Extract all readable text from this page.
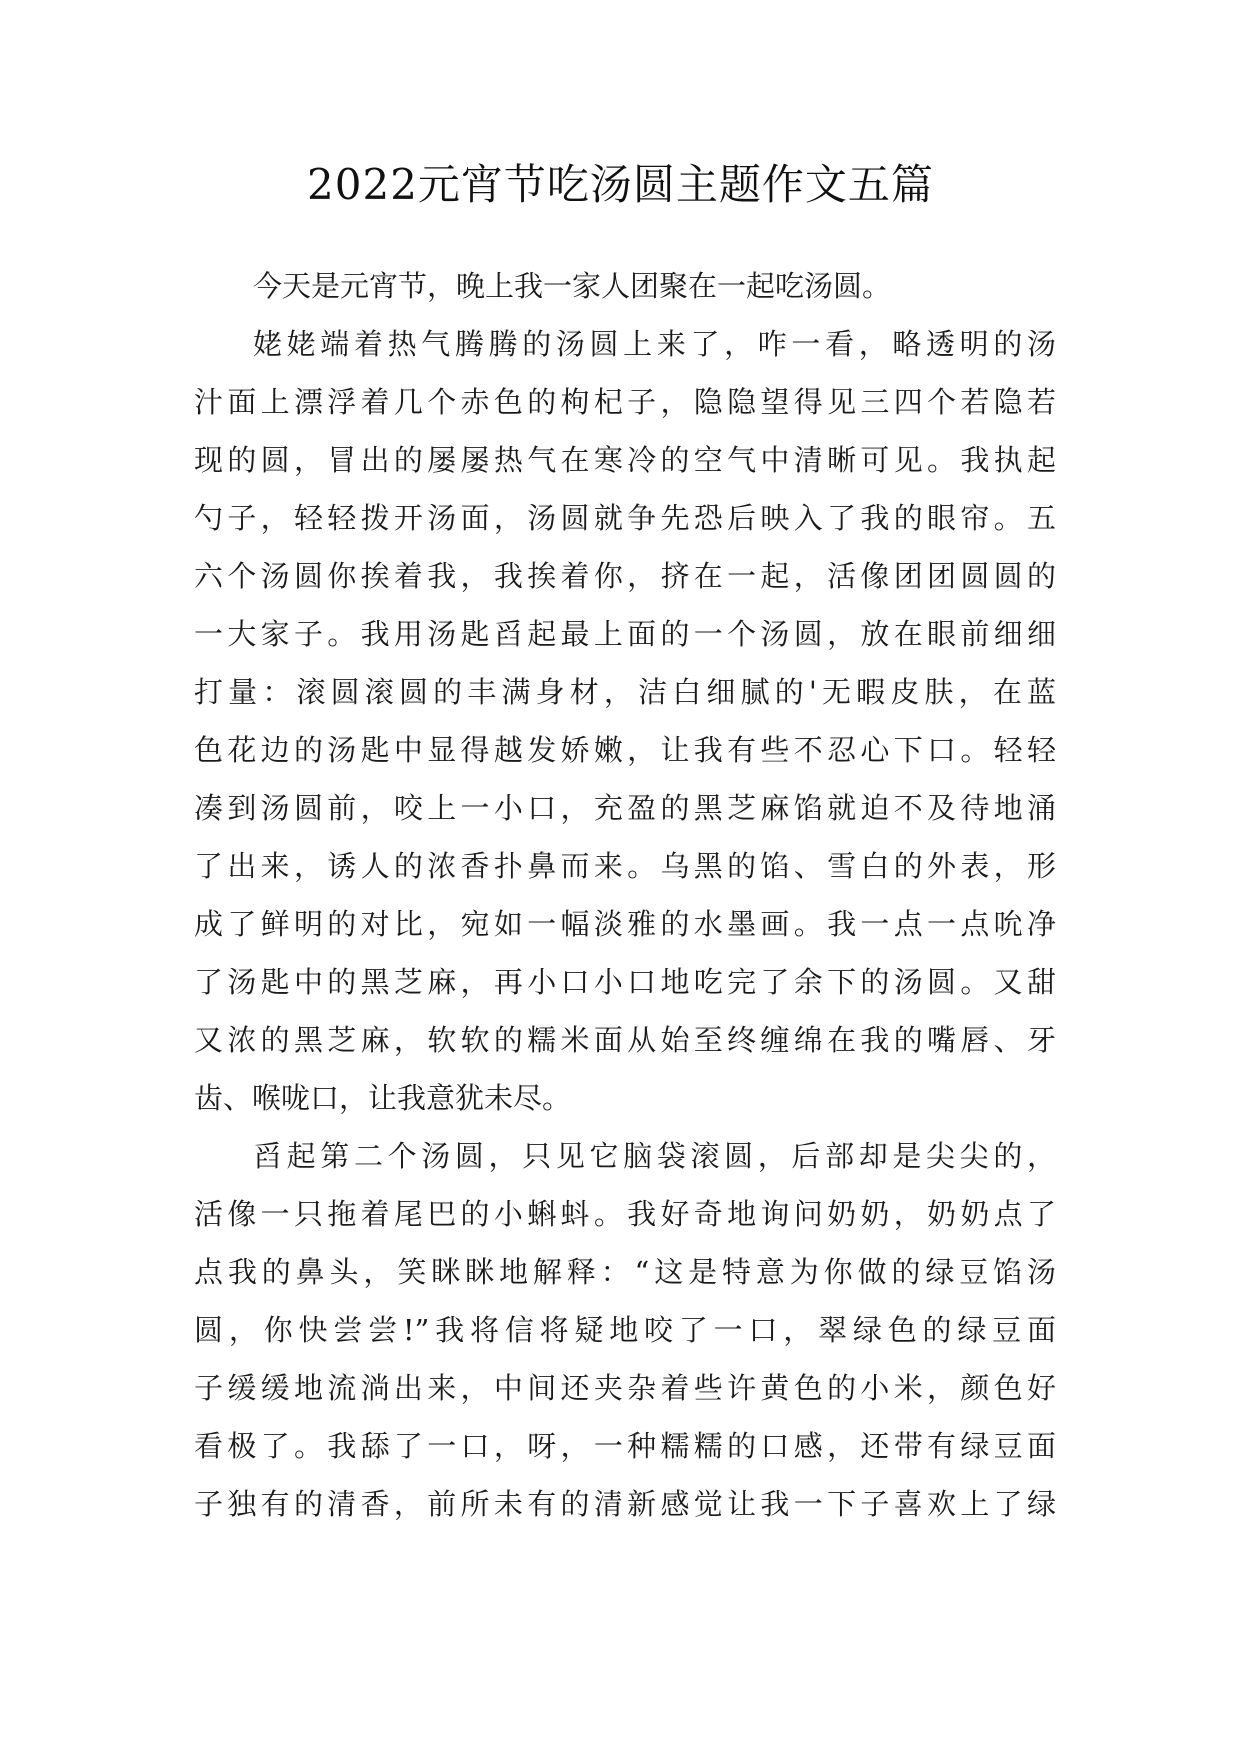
2022元宵节吃汤圆主题作文五篇
今天是元宵节，晚上我一家人团聚在一起吃汤圆。
姥姥端着热气腾腾的汤圆上来了，咋一看，略透明的汤
汁面上漂浮着几个赤色的枸杞子，隐隐望得见三四个若隐若
现的圆，冒出的屡屡热气在寒冷的空气中清晰可见。我执起
勺子，轻轻拨开汤面，汤圆就争先恐后映入了我的眼帘。五
六个汤圆你挨着我，我挨着你，挤在一起，活像团团圆圆的
一大家子。我用汤匙舀起最上面的一个汤圆，放在眼前细细
打量：滚圆滚圆的丰满身材，洁白细腻的'无暇皮肤，在蓝
色花边的汤匙中显得越发娇嫩，让我有些不忍心下口。轻轻
凑到汤圆前，咬上一小口，充盈的黑芝麻馅就迫不及待地涌
了出来，诱人的浓香扑鼻而来。乌黑的馅、雪白的外表，形
成了鲜明的对比，宛如一幅淡雅的水墨画。我一点一点吮净
了汤匙中的黑芝麻，再小口小口地吃完了余下的汤圆。又甜
又浓的黑芝麻，软软的糯米面从始至终缠绵在我的嘴唇、牙
齿、喉咙口，让我意犹未尽。
舀起第二个汤圆，只见它脑袋滚圆，后部却是尖尖的，
活像一只拖着尾巴的小蝌蚪。我好奇地询问奶奶，奶奶点了
点我的鼻头，笑眯眯地解释：“这是特意为你做的绿豆馅汤
圆，你快尝尝!”我将信将疑地咬了一口，翠绿色的绿豆面
子缓缓地流淌出来，中间还夹杂着些许黄色的小米，颜色好
看极了。我舔了一口，呀，一种糯糯的口感，还带有绿豆面
子独有的清香，前所未有的清新感觉让我一下子喜欢上了绿
